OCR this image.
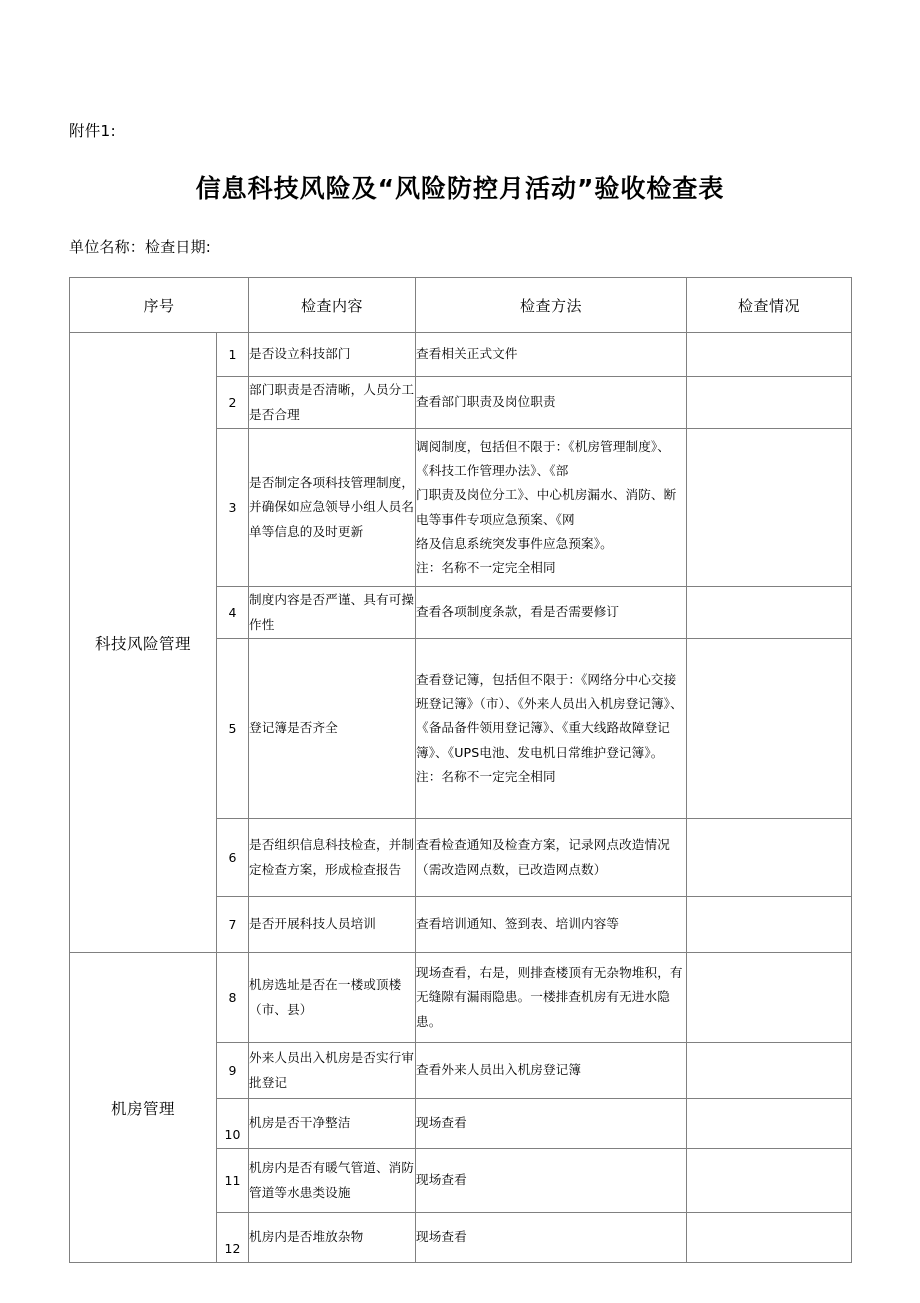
附件1:
信息科技风险及“风险防控月活动”验收检查表
单位名称：检查日期:
序号		检查内容	检查方法	检查情况
科技风险管理	1	是否设立科技部门	查看相关正式文件	
	2	部门职责是否清晰，人员分工是否合理	查看部门职责及岗位职责	
	3	是否制定各项科技管理制度，并确保如应急领导小组人员名单等信息的及时更新	调阅制度，包括但不限于：《机房管理制度》、《科技工作管理办法》、《部
门职责及岗位分工》、中心机房漏水、消防、断电等事件专项应急预案、《网
络及信息系统突发事件应急预案》。
注：名称不一定完全相同	
	4	制度内容是否严谨、具有可操作性	查看各项制度条款，看是否需要修订	
	5	登记簿是否齐全	查看登记簿，包括但不限于：《网络分中心交接班登记簿》（市）、《外来人员出入机房登记簿》、《备品备件领用登记簿》、《重大线路故障登记簿》、《UPS电池、发电机日常维护登记簿》。注：名称不一定完全相同	
	6	是否组织信息科技检查，并制定检查方案，形成检查报告	查看检查通知及检查方案，记录网点改造情况（需改造网点数，已改造网点数）	
	7	是否开展科技人员培训	查看培训通知、签到表、培训内容等	
机房管理	8	机房选址是否在一楼或顶楼（市、县）	现场查看，右是，则排查楼顶有无杂物堆积，有无缝隙有漏雨隐患。一楼排查机房有无进水隐患。	
	9	外来人员出入机房是否实行审批登记	查看外来人员出入机房登记簿	
	10	机房是否干净整洁	现场查看	
	11	机房内是否有暖气管道、消防管道等水患类设施	现场查看	
	12	机房内是否堆放杂物	现场查看	
